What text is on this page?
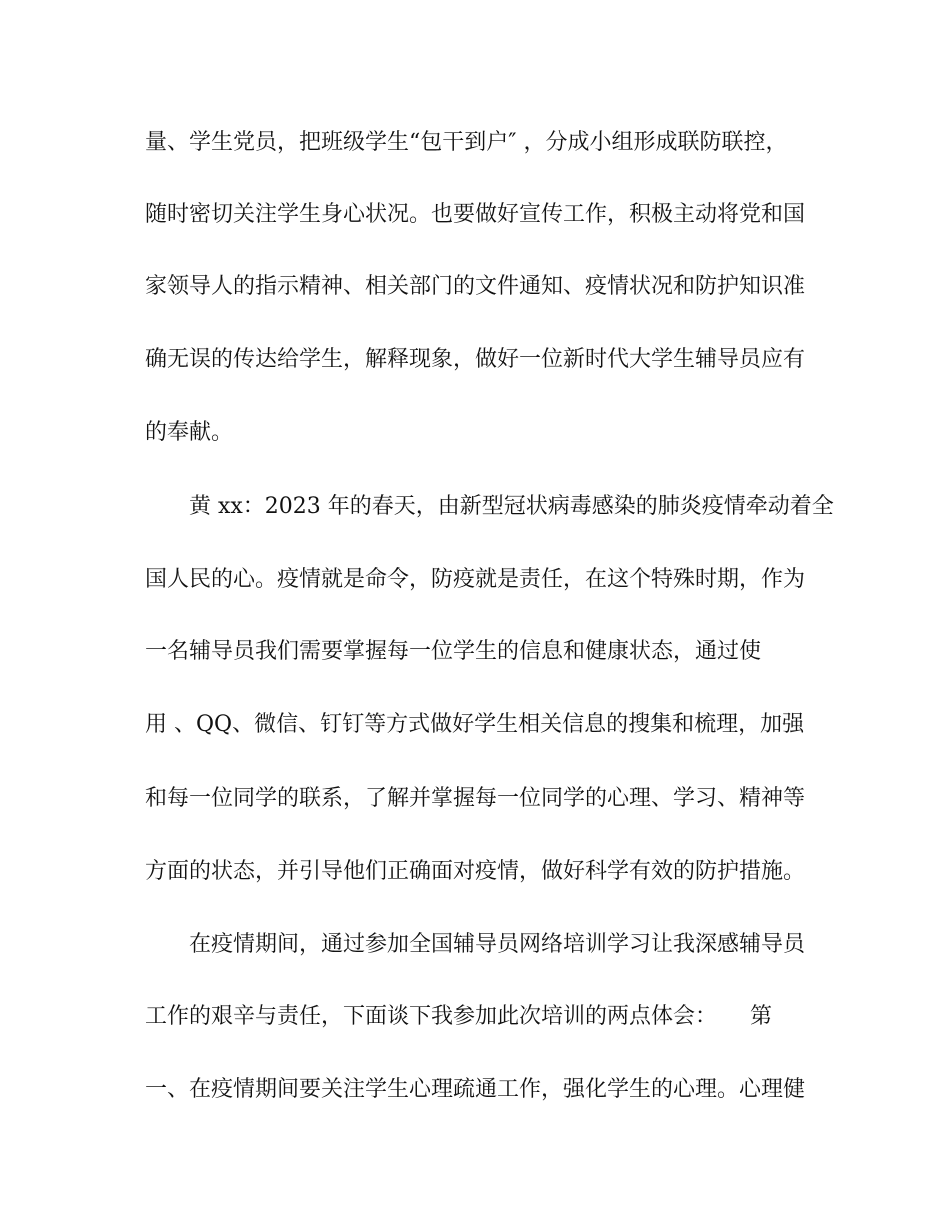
量、学生党员，把班级学生“包干到户″ ，分成小组形成联防联控，
随时密切关注学生身心状况。也要做好宣传工作，积极主动将党和国
家领导人的指示精神、相关部门的文件通知、疫情状况和防护知识准
确无误的传达给学生，解释现象，做好一位新时代大学生辅导员应有
的奉献。
黄 xx：2023 年的春天，由新型冠状病毒感染的肺炎疫情牵动着全
国人民的心。疫情就是命令，防疫就是责任，在这个特殊时期，作为
一名辅导员我们需要掌握每一位学生的信息和健康状态，通过使
用 、QQ、微信、钉钉等方式做好学生相关信息的搜集和梳理，加强
和每一位同学的联系，了解并掌握每一位同学的心理、学习、精神等
方面的状态，并引导他们正确面对疫情，做好科学有效的防护措施。
在疫情期间，通过参加全国辅导员网络培训学习让我深感辅导员
工作的艰辛与责任，下面谈下我参加此次培训的两点体会：　　第
一、在疫情期间要关注学生心理疏通工作，强化学生的心理。心理健
